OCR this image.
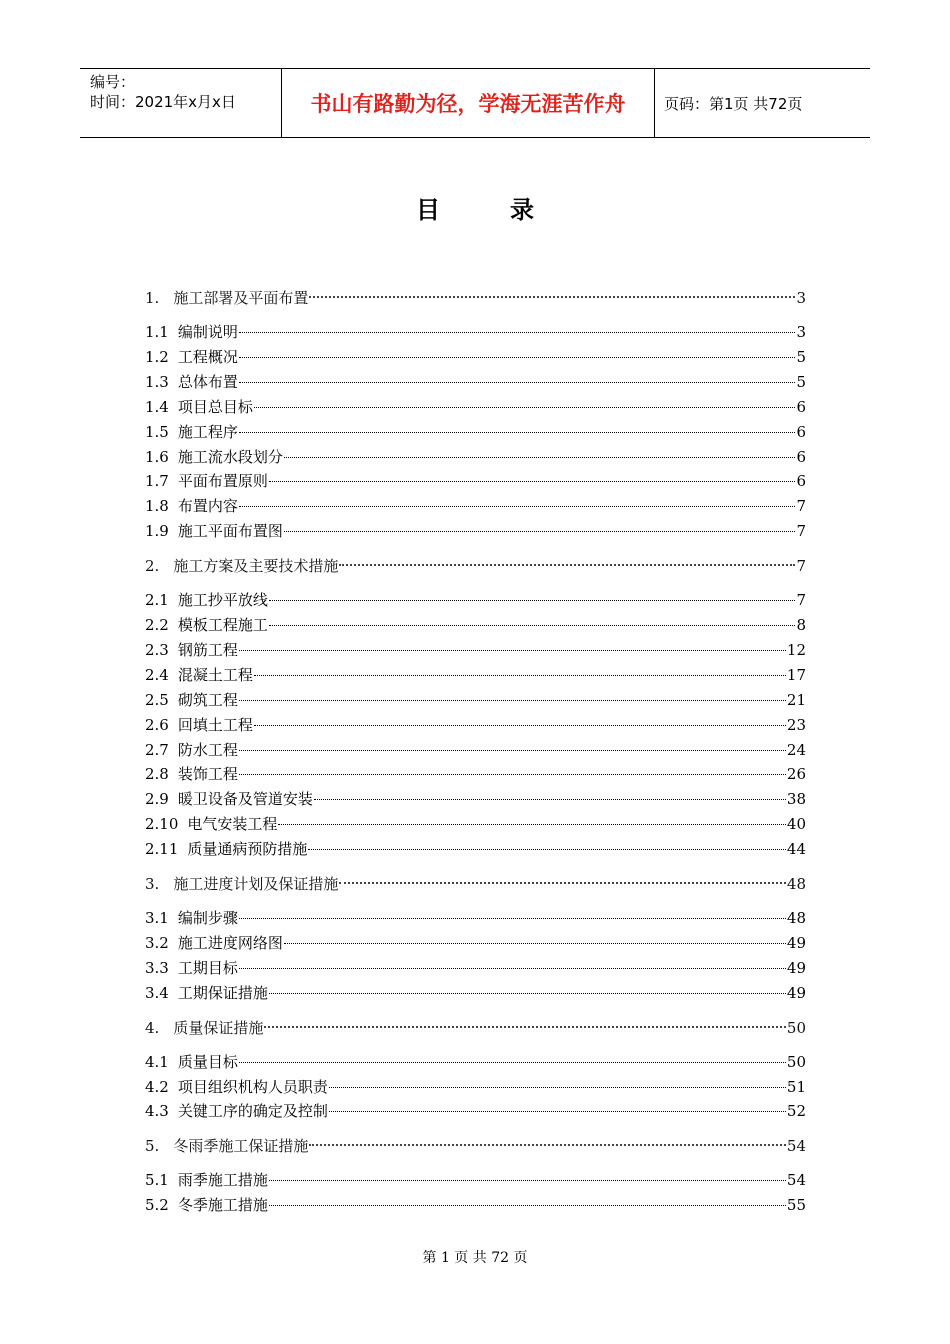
编号：
时间：2021年x月x日	书山有路勤为径，学海无涯苦作舟	页码：第1页 共72页
目	录
1. 施工部署及平面布置	3
1.1 编制说明	3
1.2 工程概况	5
1.3 总体布置	5
1.4 项目总目标	6
1.5 施工程序	6
1.6 施工流水段划分	6
1.7 平面布置原则	6
1.8 布置内容	7
1.9 施工平面布置图	7
2. 施工方案及主要技术措施	7
2.1 施工抄平放线	7
2.2 模板工程施工	8
2.3 钢筋工程	12
2.4 混凝土工程	17
2.5 砌筑工程	21
2.6 回填土工程	23
2.7 防水工程	24
2.8 装饰工程	26
2.9 暖卫设备及管道安装	38
2.10 电气安装工程	40
2.11 质量通病预防措施	44
3. 施工进度计划及保证措施	48
3.1 编制步骤	48
3.2 施工进度网络图	49
3.3 工期目标	49
3.4 工期保证措施	49
4. 质量保证措施	50
4.1 质量目标	50
4.2 项目组织机构人员职责	51
4.3 关键工序的确定及控制	52
5. 冬雨季施工保证措施	54
5.1 雨季施工措施	54
5.2 冬季施工措施	55
第 1 页 共 72 页
